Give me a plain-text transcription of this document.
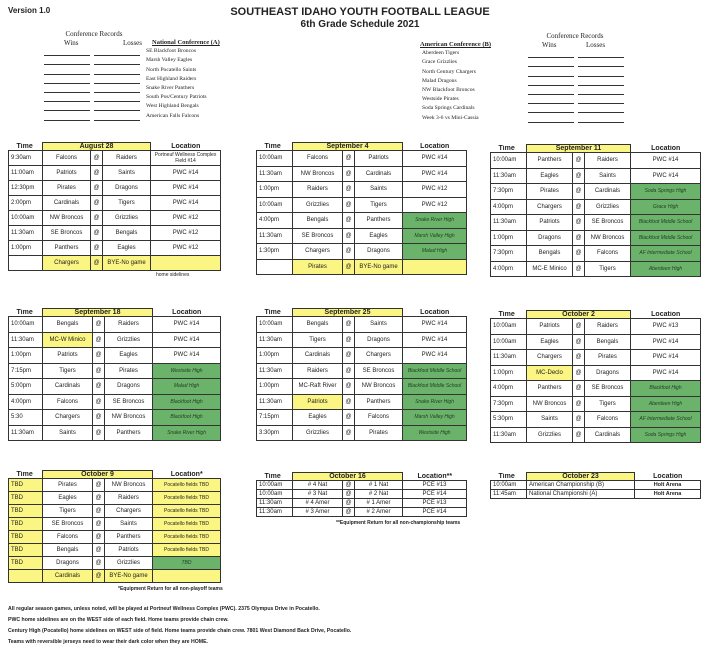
Version 1.0	SOUTHEAST IDAHO YOUTH FOOTBALL LEAGUE
6th Grade Schedule 2021
Conference Records
Wins	Losses	National Conference (A)
SE Blackfoot Broncos
Marsh Valley Eagles
North Pocatello Saints
East Highland Raiders
Snake River Panthers
South Pos/Century Patriots
West Highland Bengals
American Falls Falcons
Conference Records
American Conference (B)	Wins	Losses
Aberdeen Tigers
Grace Grizzlies
North Century Chargers
Malad Dragons
NW Blackfoot Broncos
Westside Pirates
Soda Springs Cardinals
Week 3-6 vs Mini-Cassia
Time	August 28			Location
9:30am	Falcons	@	Raiders	Portneuf Wellness Complex Field #14
11:00am	Patriots	@	Saints	PWC #14
12:30pm	Pirates	@	Dragons	PWC #14
2:00pm	Cardinals	@	Tigers	PWC #14
10:00am	NW Broncos	@	Grizzlies	PWC #12
11:30am	SE Broncos	@	Bengals	PWC #12
1:00pm	Panthers	@	Eagles	PWC #12
	Chargers	@	BYE-No game	
home sidelines
Time	September 4			Location
10:00am	Falcons	@	Patriots	PWC #14
11:30am	NW Broncos	@	Cardinals	PWC #14
1:00pm	Raiders	@	Saints	PWC #12
10:00am	Grizzlies	@	Tigers	PWC #12
4:00pm	Bengals	@	Panthers	Snake River High
11:30am	SE Broncos	@	Eagles	Marsh Valley High
1:30pm	Chargers	@	Dragons	Malad High
	Pirates	@	BYE-No game	
Time	September 11			Location
10:00am	Panthers	@	Raiders	PWC #14
11:30am	Eagles	@	Saints	PWC #14
7:30pm	Pirates	@	Cardinals	Soda Springs High
4:00pm	Chargers	@	Grizzlies	Grace High
11:30am	Patriots	@	SE Broncos	Blackfoot Middle School
1:00pm	Dragons	@	NW Broncos	Blackfoot Middle School
7:30pm	Bengals	@	Falcons	AF Intermediate School
4:00pm	MC-E Minico	@	Tigers	Aberdeen High
Time	September 18			Location
10:00am	Bengals	@	Raiders	PWC #14
11:30am	MC-W Minico	@	Grizzlies	PWC #14
1:00pm	Patriots	@	Eagles	PWC #14
7:15pm	Tigers	@	Pirates	Westside High
5:00pm	Cardinals	@	Dragons	Malad High
4:00pm	Falcons	@	SE Broncos	Blackfoot High
5:30	Chargers	@	NW Broncos	Blackfoot High
11:30am	Saints	@	Panthers	Snake River High
Time	September 25			Location
10:00am	Bengals	@	Saints	PWC #14
11:30am	Tigers	@	Dragons	PWC #14
1:00pm	Cardinals	@	Chargers	PWC #14
11:30am	Raiders	@	SE Broncos	Blackfoot Middle School
1:00pm	MC-Raft River	@	NW Broncos	Blackfoot Middle School
11:30am	Patriots	@	Panthers	Snake River High
7:15pm	Eagles	@	Falcons	Marsh Valley High
3:30pm	Grizzlies	@	Pirates	Westside High
Time	October 2			Location
10:00am	Patriots	@	Raiders	PWC #13
10:00am	Eagles	@	Bengals	PWC #14
11:30am	Chargers	@	Pirates	PWC #14
1:00pm	MC-Declo	@	Dragons	PWC #14
4:00pm	Panthers	@	SE Broncos	Blackfoot High
7:30pm	NW Broncos	@	Tigers	Aberdeen High
5:30pm	Saints	@	Falcons	AF Intermediate School
11:30am	Grizzlies	@	Cardinals	Soda Springs High
Time	October 9			Location*
TBD	Pirates	@	NW Broncos	Pocatello fields TBD
TBD	Eagles	@	Raiders	Pocatello fields TBD
TBD	Tigers	@	Chargers	Pocatello fields TBD
TBD	SE Broncos	@	Saints	Pocatello fields TBD
TBD	Falcons	@	Panthers	Pocatello fields TBD
TBD	Bengals	@	Patriots	Pocatello fields TBD
TBD	Dragons	@	Grizzlies	TBD
	Cardinals	@	BYE-No game	
*Equipment Return for all non-playoff teams
Time	October 16			Location**
10:00am	# 4 Nat	@	# 1 Nat	PCE #13
10:00am	# 3 Nat	@	# 2 Nat	PCE #14
11:30am	# 4 Amer	@	# 1 Amer	PCE #13
11:30am	# 3 Amer	@	# 2 Amer	PCE #14
**Equipment Return for all non-championship teams
Time	October 23	Location
10:00am	American Championship (B)	Holt Arena
11:45am	National Championshi (A)	Holt Arena
All regular season games, unless noted, will be played at Portneuf Wellness Complex (PWC). 2375 Olympus Drive in Pocatello.
PWC home sidelines are on the WEST side of each field. Home teams provide chain crew.
Century High (Pocatello) home sidelines on WEST side of field. Home teams provide chain crew. 7801 West Diamond Back Drive, Pocatello.
Teams with reversible jerseys need to wear their dark color when they are HOME.
